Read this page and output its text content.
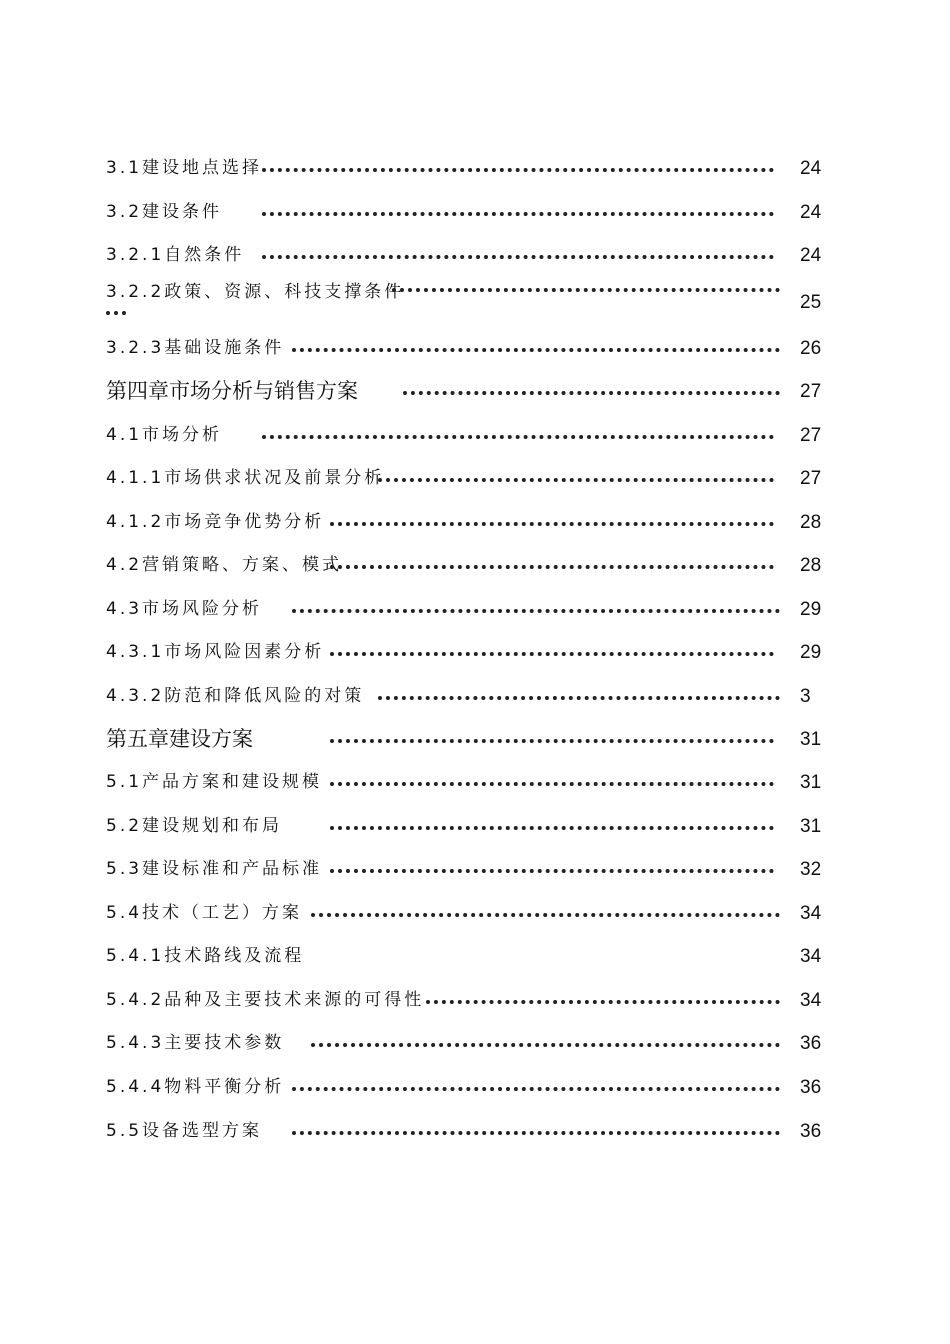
3.1建设地点选择	24
3.2建设条件	24
3.2.1自然条件	24
3.2.2政策、资源、科技支撑条件	25
3.2.3基础设施条件	26
第四章市场分析与销售方案	27
4.1市场分析	27
4.1.1市场供求状况及前景分析	27
4.1.2市场竞争优势分析	28
4.2营销策略、方案、模式	28
4.3市场风险分析	29
4.3.1市场风险因素分析	29
4.3.2防范和降低风险的对策	3
第五章建设方案	31
5.1产品方案和建设规模	31
5.2建设规划和布局	31
5.3建设标准和产品标准	32
5.4技术（工艺）方案	34
5.4.1技术路线及流程	34
5.4.2品种及主要技术来源的可得性	34
5.4.3主要技术参数	36
5.4.4物料平衡分析	36
5.5设备选型方案	36
